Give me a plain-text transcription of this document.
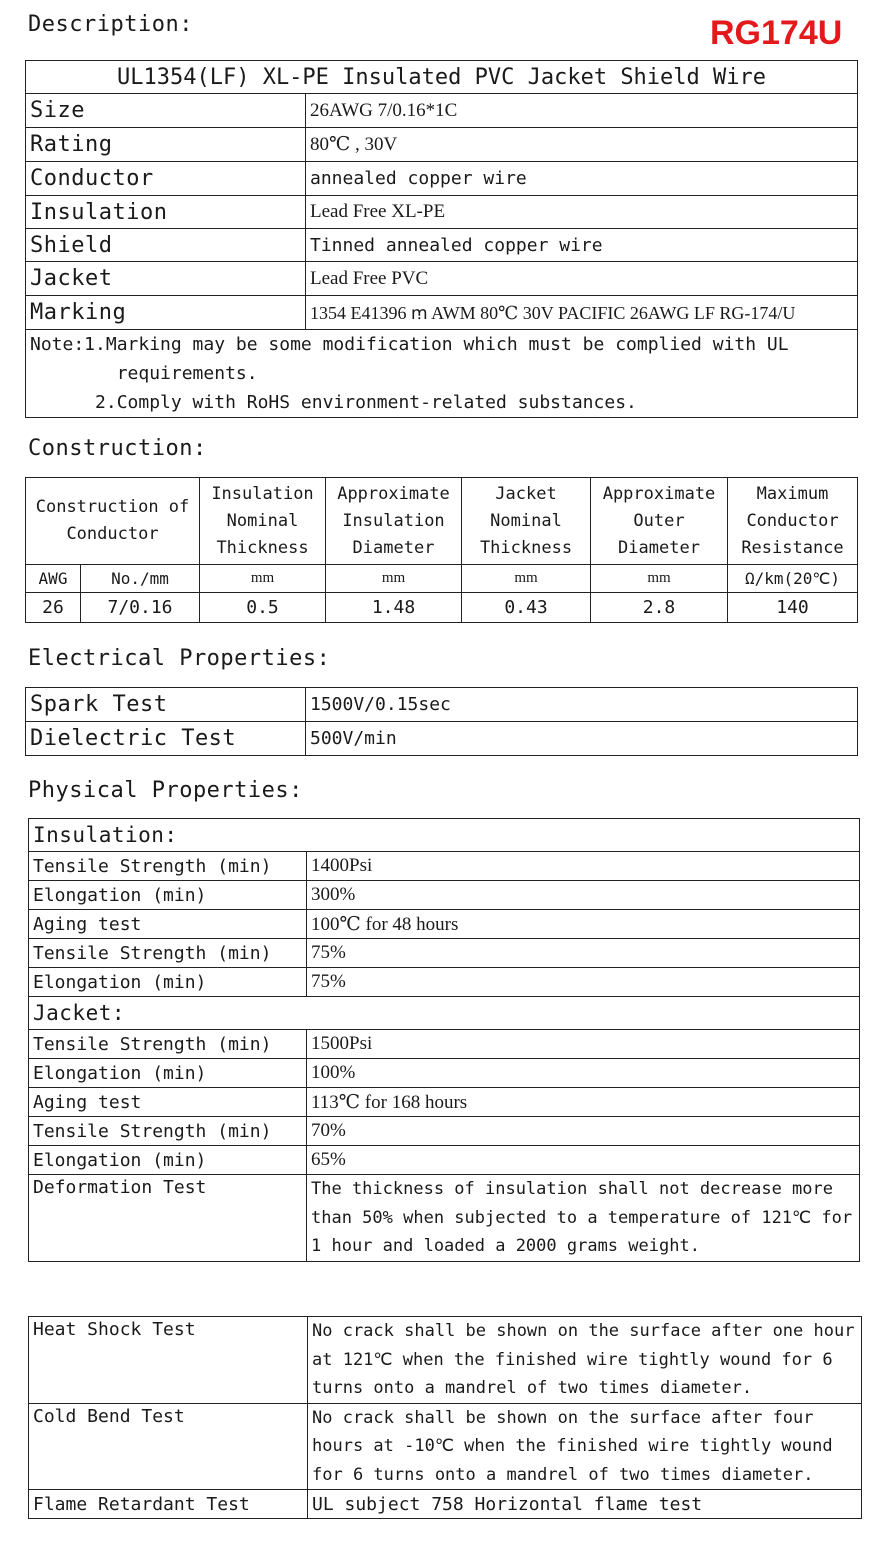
Description:	RG174U
UL1354(LF) XL-PE Insulated PVC Jacket Shield Wire	
Size	26AWG 7/0.16*1C
Rating	80℃ , 30V
Conductor	annealed copper wire
Insulation	Lead Free XL-PE
Shield	Tinned annealed copper wire
Jacket	Lead Free PVC
Marking	1354 E41396 ꭑ AWM 80℃ 30V PACIFIC 26AWG LF RG-174/U
Note:1.Marking may be some modification which must be complied with UL
requirements.
2.Comply with RoHS environment-related substances.	
Construction:
Construction of Conductor		Insulation Nominal Thickness	Approximate Insulation Diameter	Jacket Nominal Thickness	Approximate Outer Diameter	Maximum Conductor Resistance
AWG	No./mm	mm	mm	mm	mm	Ω/km(20℃)
26	7/0.16	0.5	1.48	0.43	2.8	140
Electrical Properties:
Spark Test	1500V/0.15sec
Dielectric Test	500V/min
Physical Properties:
Insulation:	
Tensile Strength (min)	1400Psi
Elongation (min)	300%
Aging test	100℃ for 48 hours
Tensile Strength (min)	75%
Elongation (min)	75%
Jacket:	
Tensile Strength (min)	1500Psi
Elongation (min)	100%
Aging test	113℃ for 168 hours
Tensile Strength (min)	70%
Elongation (min)	65%
Deformation Test	The thickness of insulation shall not decrease more than 50% when subjected to a temperature of 121℃ for 1 hour and loaded a 2000 grams weight.
Heat Shock Test	No crack shall be shown on the surface after one hour at 121℃ when the finished wire tightly wound for 6 turns onto a mandrel of two times diameter.
Cold Bend Test	No crack shall be shown on the surface after four hours at -10℃ when the finished wire tightly wound for 6 turns onto a mandrel of two times diameter.
Flame Retardant Test	UL subject 758 Horizontal flame test
